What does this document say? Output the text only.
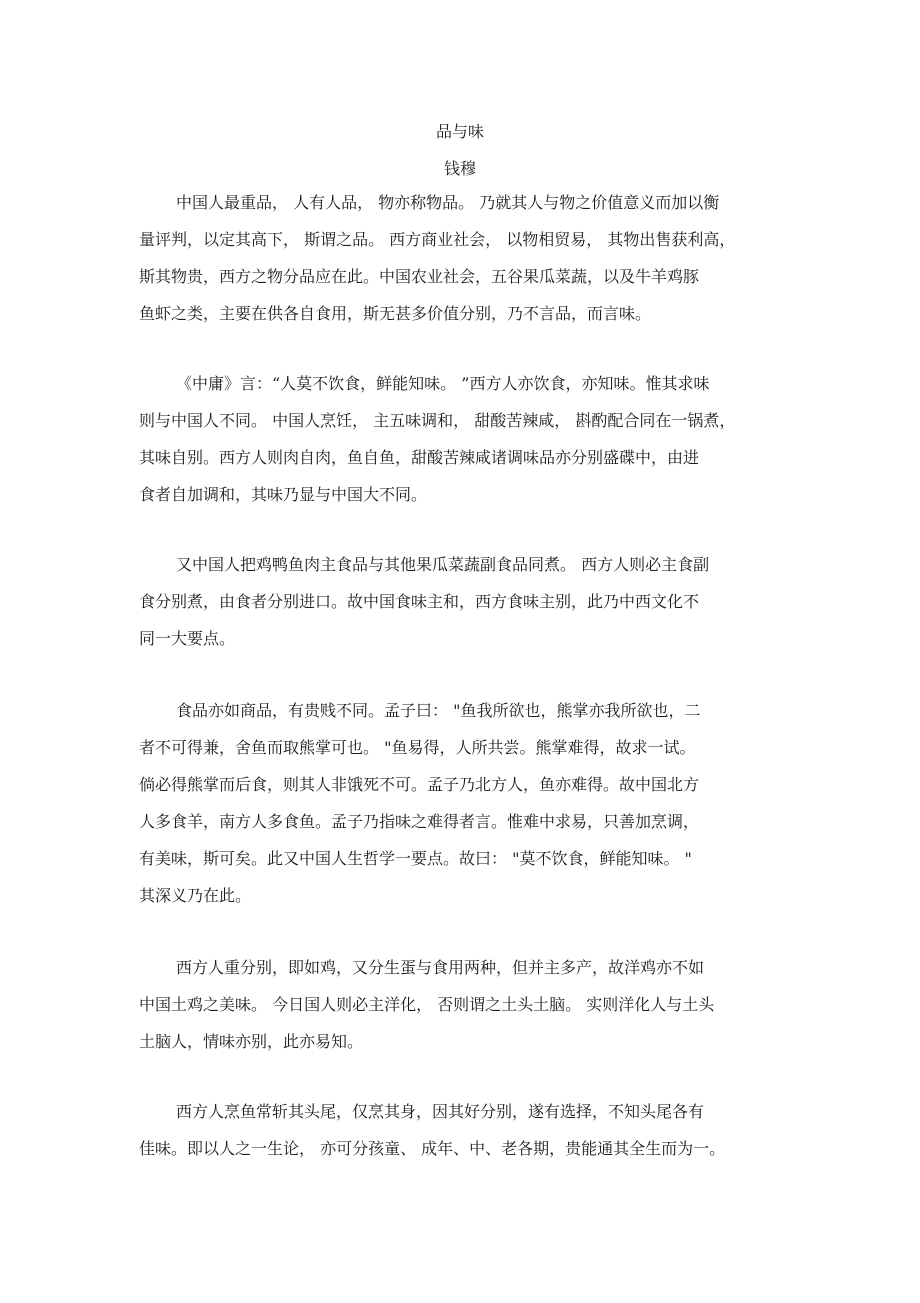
品与味
钱穆
中国人最重品， 人有人品， 物亦称物品。 乃就其人与物之价值意义而加以衡
量评判，以定其高下， 斯谓之品。 西方商业社会， 以物相贸易， 其物出售获利高，
斯其物贵，西方之物分品应在此。中国农业社会，五谷果瓜菜蔬，以及牛羊鸡豚
鱼虾之类，主要在供各自食用，斯无甚多价值分别，乃不言品，而言味。
《中庸》言：“人莫不饮食，鲜能知味。 ”西方人亦饮食，亦知味。惟其求味
则与中国人不同。 中国人烹饪， 主五味调和， 甜酸苦辣咸， 斟酌配合同在一锅煮，
其味自别。西方人则肉自肉，鱼自鱼，甜酸苦辣咸诸调味品亦分别盛碟中，由进
食者自加调和，其味乃显与中国大不同。
又中国人把鸡鸭鱼肉主食品与其他果瓜菜蔬副食品同煮。 西方人则必主食副
食分别煮，由食者分别进口。故中国食味主和，西方食味主别，此乃中西文化不
同一大要点。
食品亦如商品，有贵贱不同。孟子曰： "鱼我所欲也，熊掌亦我所欲也，二
者不可得兼，舍鱼而取熊掌可也。 "鱼易得，人所共尝。熊掌难得，故求一试。
倘必得熊掌而后食，则其人非饿死不可。孟子乃北方人，鱼亦难得。故中国北方
人多食羊，南方人多食鱼。孟子乃指味之难得者言。惟难中求易，只善加烹调，
有美味，斯可矣。此又中国人生哲学一要点。故曰： "莫不饮食，鲜能知味。 "
其深义乃在此。
西方人重分别，即如鸡，又分生蛋与食用两种，但并主多产，故洋鸡亦不如
中国土鸡之美味。 今日国人则必主洋化， 否则谓之土头土脑。 实则洋化人与土头
土脑人，情味亦别，此亦易知。
西方人烹鱼常斩其头尾，仅烹其身，因其好分别，遂有选择，不知头尾各有
佳味。即以人之一生论， 亦可分孩童、 成年、中、老各期，贵能通其全生而为一。
